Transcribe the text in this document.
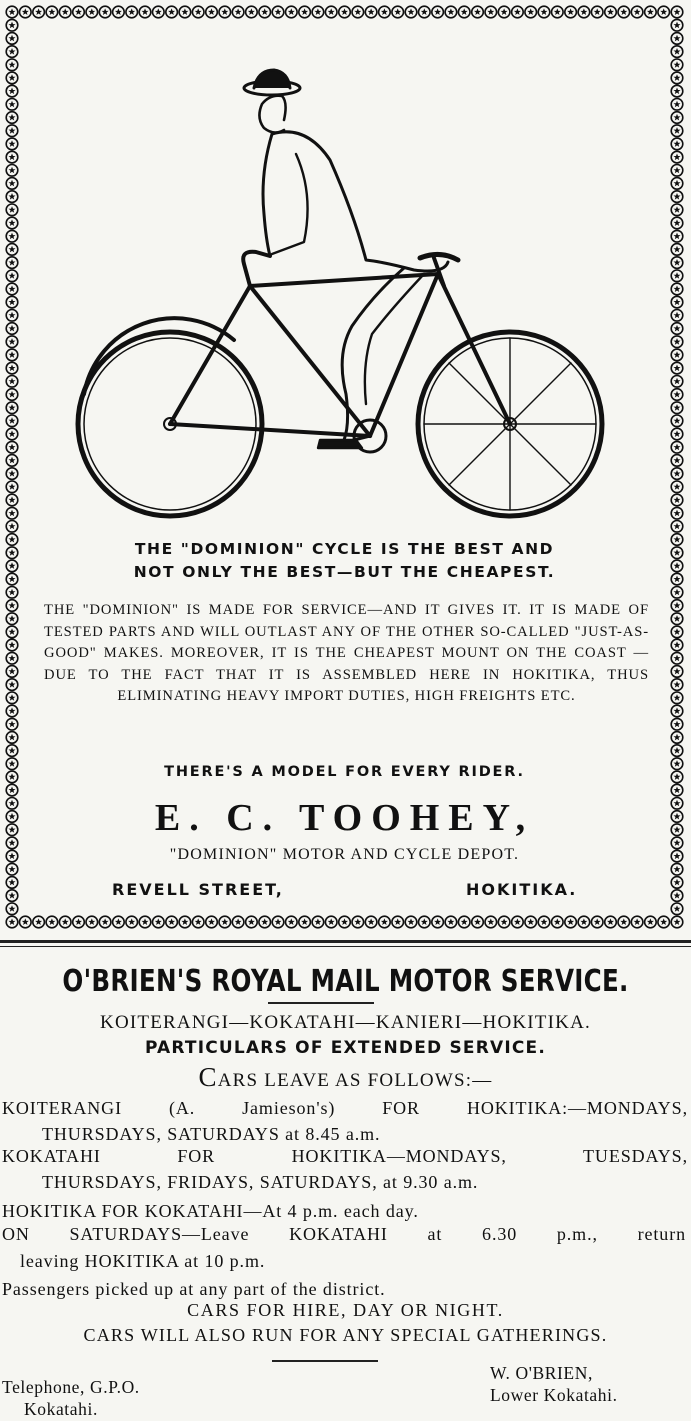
THE "DOMINION" CYCLE IS THE BEST AND
NOT ONLY THE BEST—BUT THE CHEAPEST.
THE "DOMINION" IS MADE FOR SERVICE—AND IT GIVES IT. IT IS MADE OF TESTED PARTS AND WILL OUTLAST ANY OF THE OTHER SO-CALLED "JUST-AS-GOOD" MAKES. MOREOVER, IT IS THE CHEAPEST MOUNT ON THE COAST —DUE TO THE FACT THAT IT IS ASSEMBLED HERE IN HOKITIKA, THUS ELIMINATING HEAVY IMPORT DUTIES, HIGH FREIGHTS ETC.
THERE'S A MODEL FOR EVERY RIDER.
E. C. TOOHEY,
"DOMINION" MOTOR AND CYCLE DEPOT.
REVELL STREET,	HOKITIKA.
O'BRIEN'S ROYAL MAIL MOTOR SERVICE.
KOITERANGI—KOKATAHI—KANIERI—HOKITIKA.
PARTICULARS OF EXTENDED SERVICE.
CARS LEAVE AS FOLLOWS:—
KOITERANGI (A. Jamieson's) FOR HOKITIKA:—MONDAYS,
THURSDAYS, SATURDAYS at 8.45 a.m.
KOKATAHI FOR HOKITIKA—MONDAYS, TUESDAYS,
THURSDAYS, FRIDAYS, SATURDAYS, at 9.30 a.m.
HOKITIKA FOR KOKATAHI—At 4 p.m. each day.
ON SATURDAYS—Leave KOKATAHI at 6.30 p.m., return
leaving HOKITIKA at 10 p.m.
Passengers picked up at any part of the district.
CARS FOR HIRE, DAY OR NIGHT.
CARS WILL ALSO RUN FOR ANY SPECIAL GATHERINGS.
Telephone, G.P.O.
Kokatahi.
W. O'BRIEN,
Lower Kokatahi.
